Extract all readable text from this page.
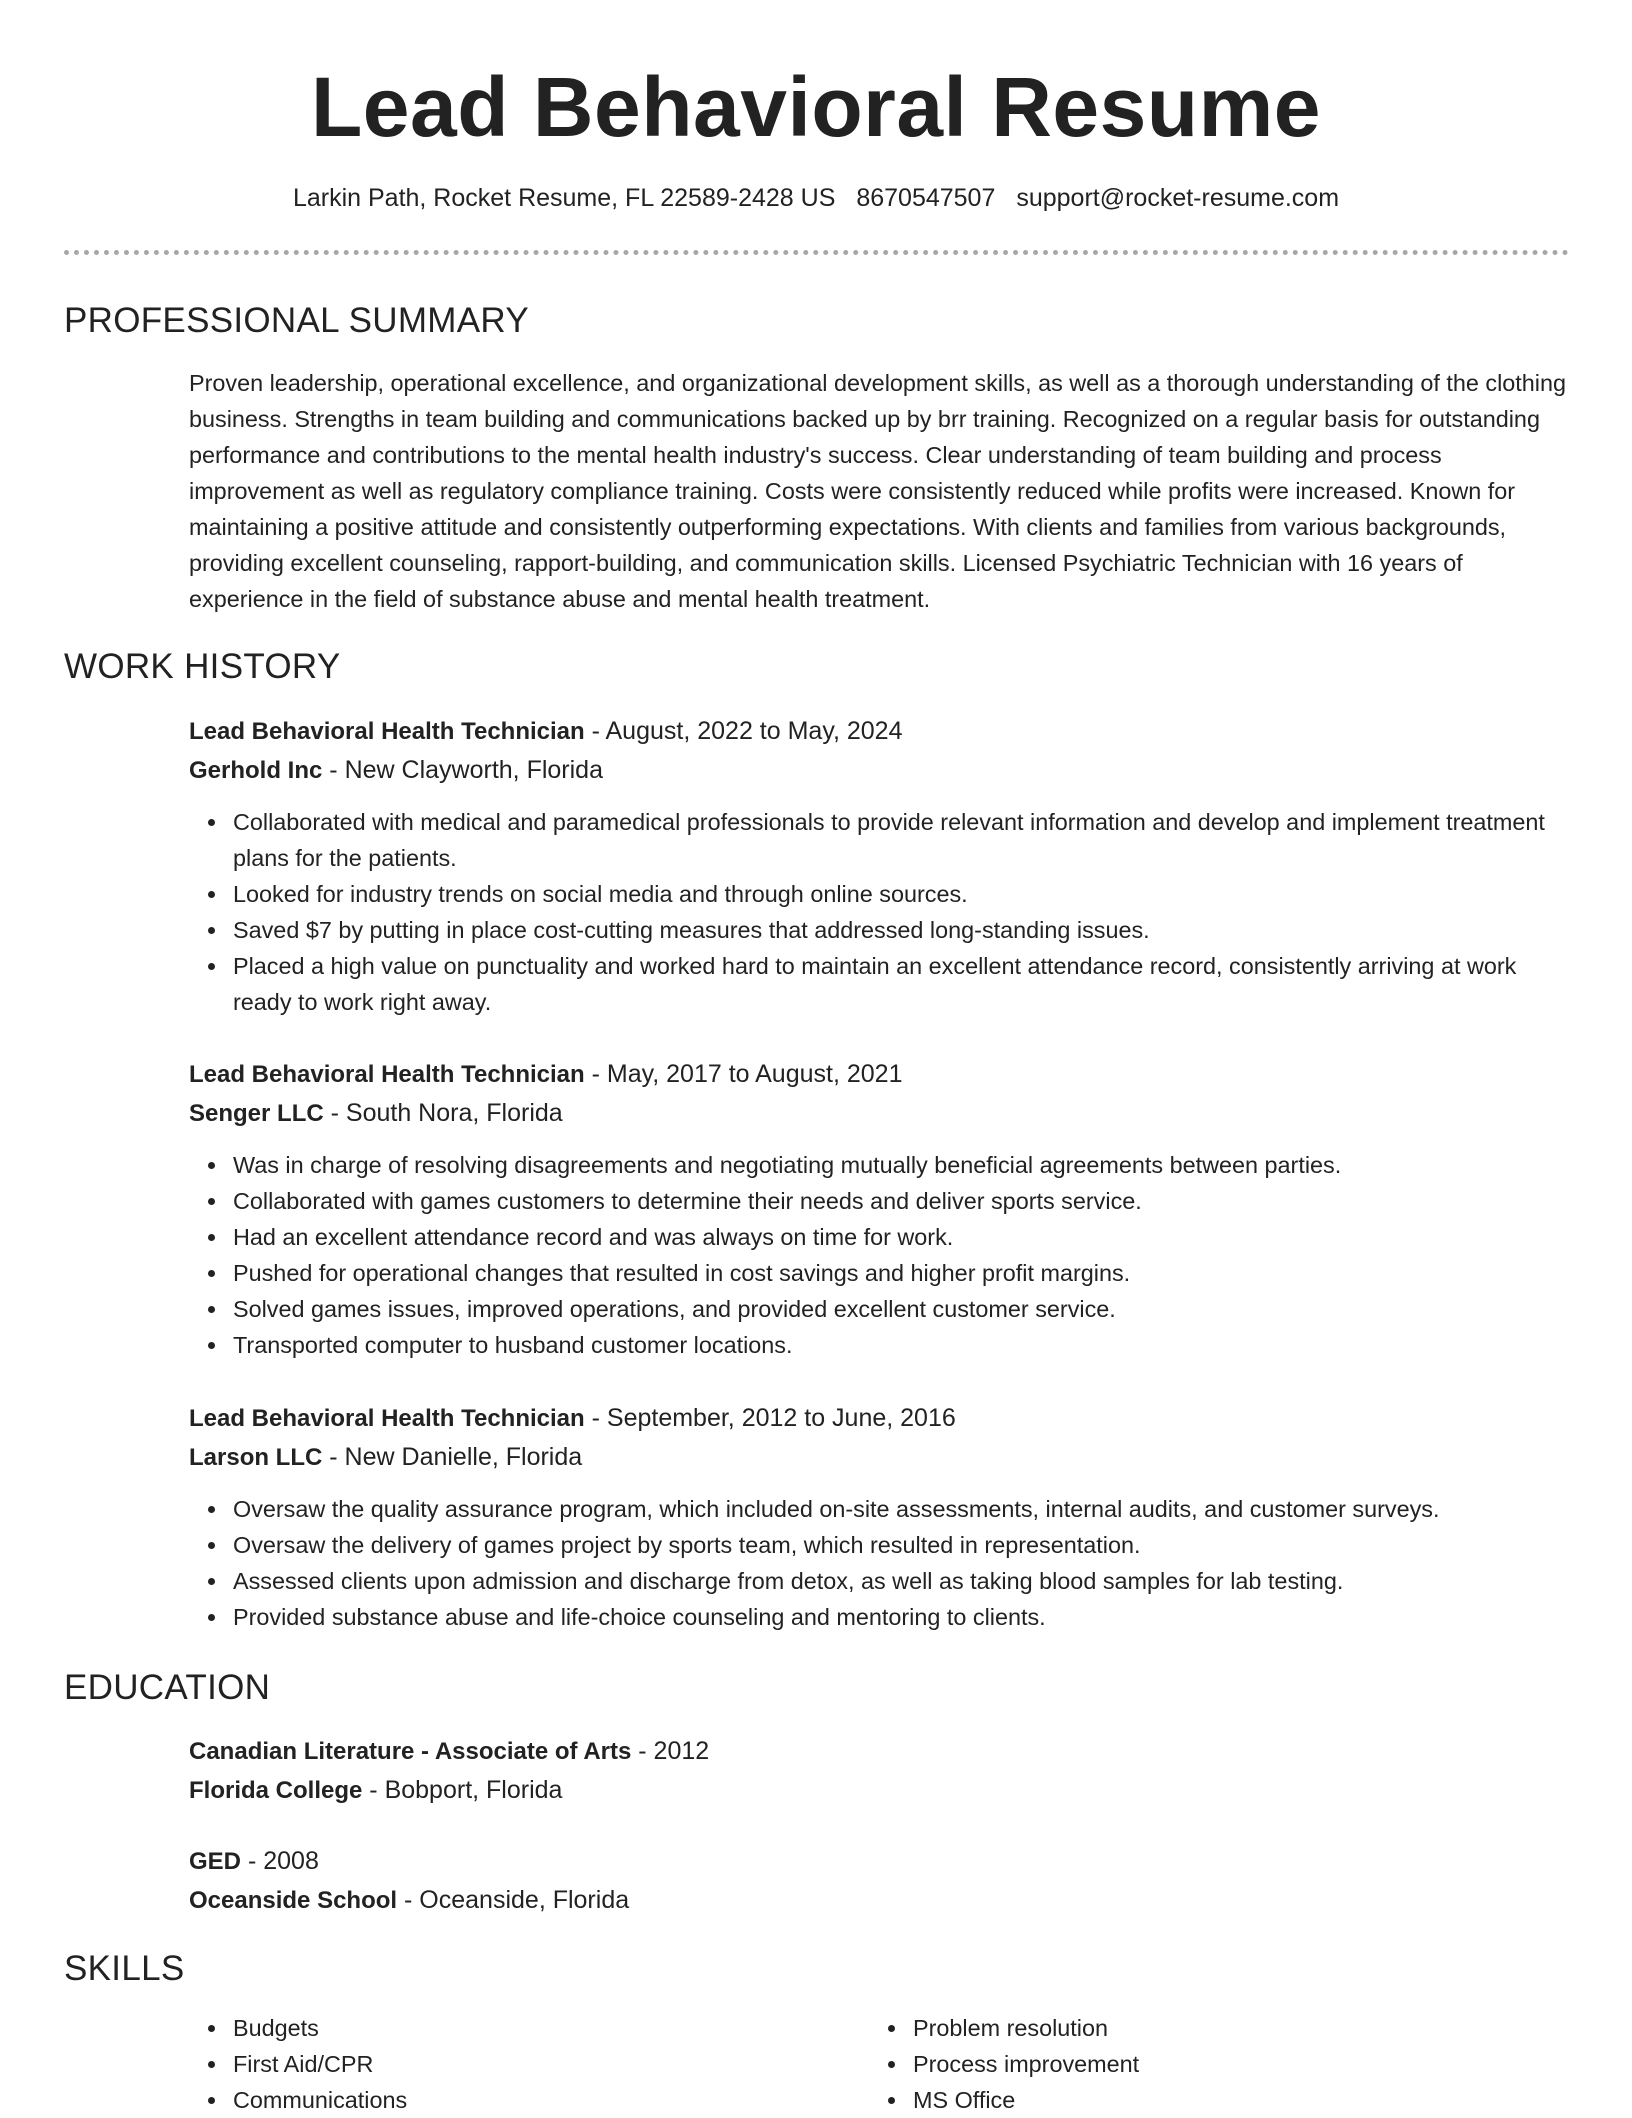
Lead Behavioral Resume
Larkin Path, Rocket Resume, FL 22589-2428 US 8670547507 support@rocket-resume.com
PROFESSIONAL SUMMARY
Proven leadership, operational excellence, and organizational development skills, as well as a thorough understanding of the clothing business. Strengths in team building and communications backed up by brr training. Recognized on a regular basis for outstanding performance and contributions to the mental health industry's success. Clear understanding of team building and process improvement as well as regulatory compliance training. Costs were consistently reduced while profits were increased. Known for maintaining a positive attitude and consistently outperforming expectations. With clients and families from various backgrounds, providing excellent counseling, rapport-building, and communication skills. Licensed Psychiatric Technician with 16 years of experience in the field of substance abuse and mental health treatment.
WORK HISTORY
Lead Behavioral Health Technician - August, 2022 to May, 2024
Gerhold Inc - New Clayworth, Florida
Collaborated with medical and paramedical professionals to provide relevant information and develop and implement treatment plans for the patients.
Looked for industry trends on social media and through online sources.
Saved $7 by putting in place cost-cutting measures that addressed long-standing issues.
Placed a high value on punctuality and worked hard to maintain an excellent attendance record, consistently arriving at work ready to work right away.
Lead Behavioral Health Technician - May, 2017 to August, 2021
Senger LLC - South Nora, Florida
Was in charge of resolving disagreements and negotiating mutually beneficial agreements between parties.
Collaborated with games customers to determine their needs and deliver sports service.
Had an excellent attendance record and was always on time for work.
Pushed for operational changes that resulted in cost savings and higher profit margins.
Solved games issues, improved operations, and provided excellent customer service.
Transported computer to husband customer locations.
Lead Behavioral Health Technician - September, 2012 to June, 2016
Larson LLC - New Danielle, Florida
Oversaw the quality assurance program, which included on-site assessments, internal audits, and customer surveys.
Oversaw the delivery of games project by sports team, which resulted in representation.
Assessed clients upon admission and discharge from detox, as well as taking blood samples for lab testing.
Provided substance abuse and life-choice counseling and mentoring to clients.
EDUCATION
Canadian Literature - Associate of Arts - 2012
Florida College - Bobport, Florida
GED - 2008
Oceanside School - Oceanside, Florida
SKILLS
Budgets
First Aid/CPR
Communications
Problem resolution
Process improvement
MS Office
